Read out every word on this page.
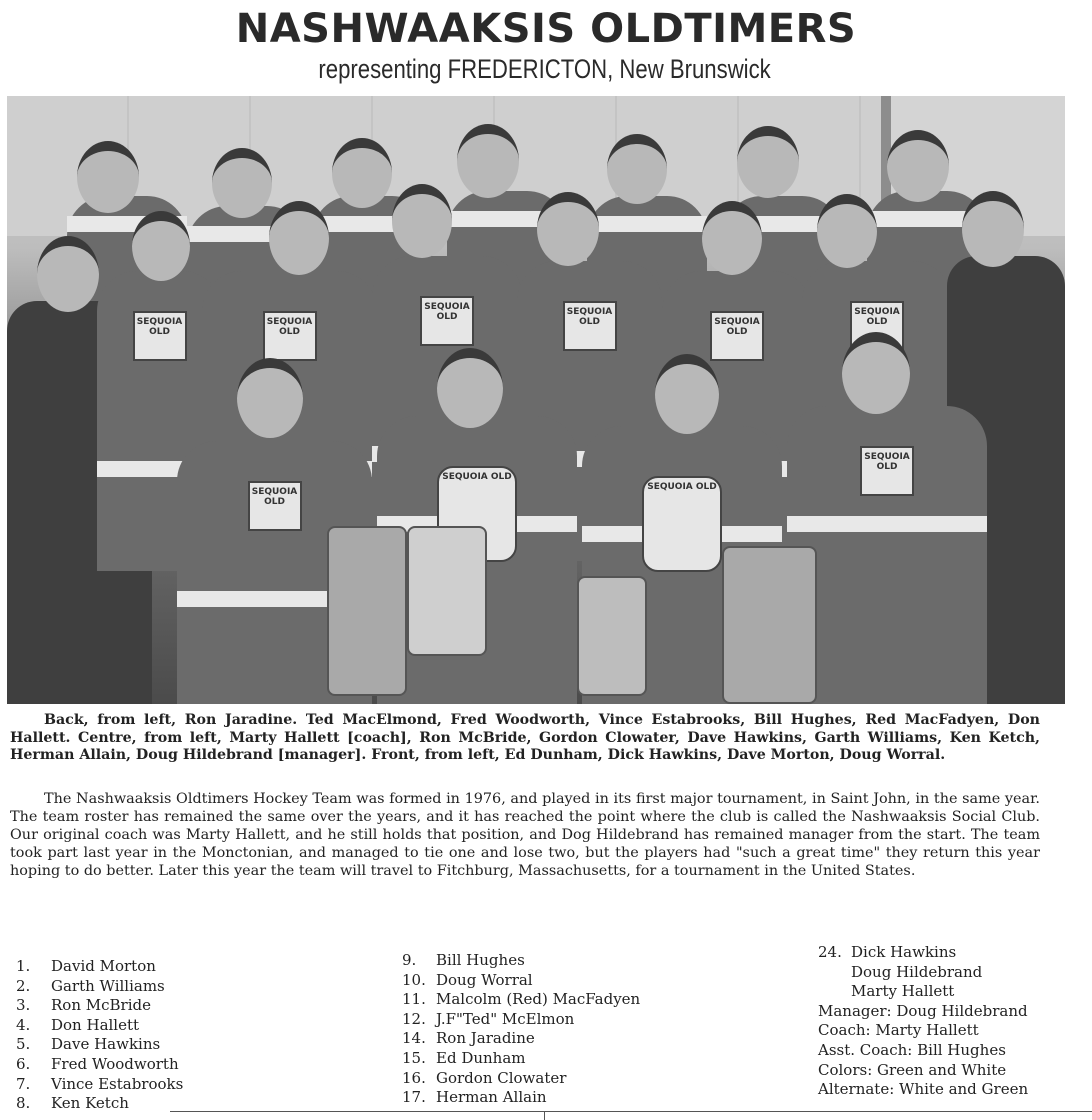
NASHWAAKSIS OLDTIMERS
representing FREDERICTON, New Brunswick
SEQUOIA OLD
SEQUOIA OLD
SEQUOIA OLD	SEQUOIA OLD	SEQUOIA OLD
SEQUOIA OLD
SEQUOIA OLD
SEQUOIA OLD
SEQUOIA OLD
SEQUOIA OLD

Back, from left, Ron Jaradine. Ted MacElmond, Fred Woodworth, Vince Estabrooks, Bill Hughes, Red MacFadyen, Don Hallett. Centre, from left, Marty Hallett [coach], Ron McBride, Gordon Clowater, Dave Hawkins, Garth Williams, Ken Ketch, Herman Allain, Doug Hildebrand [manager]. Front, from left, Ed Dunham, Dick Hawkins, Dave Morton, Doug Worral.

The Nashwaaksis Oldtimers Hockey Team was formed in 1976, and played in its first major tournament, in Saint John, in the same year. The team roster has remained the same over the years, and it has reached the point where the club is called the Nashwaaksis Social Club. Our original coach was Marty Hallett, and he still holds that position, and Dog Hildebrand has remained manager from the start. The team took part last year in the Monctonian, and managed to tie one and lose two, but the players had "such a great time" they return this year hoping to do better. Later this year the team will travel to Fitchburg, Massachusetts, for a tournament in the United States.

1.	David Morton
2.	Garth Williams
3.	Ron McBride
4.	Don Hallett
5.	Dave Hawkins
6.	Fred Woodworth
7.	Vince Estabrooks
8.	Ken Ketch
9.	Bill Hughes
10. Doug Worral
11. Malcolm (Red) MacFadyen
12. J.F"Ted" McElmon
14. Ron Jaradine
15. Ed Dunham
16. Gordon Clowater
17. Herman Allain
24. Dick Hawkins
Doug Hildebrand
Marty Hallett
Manager: Doug Hildebrand
Coach: Marty Hallett
Asst. Coach: Bill Hughes
Colors: Green and White
Alternate: White and Green
